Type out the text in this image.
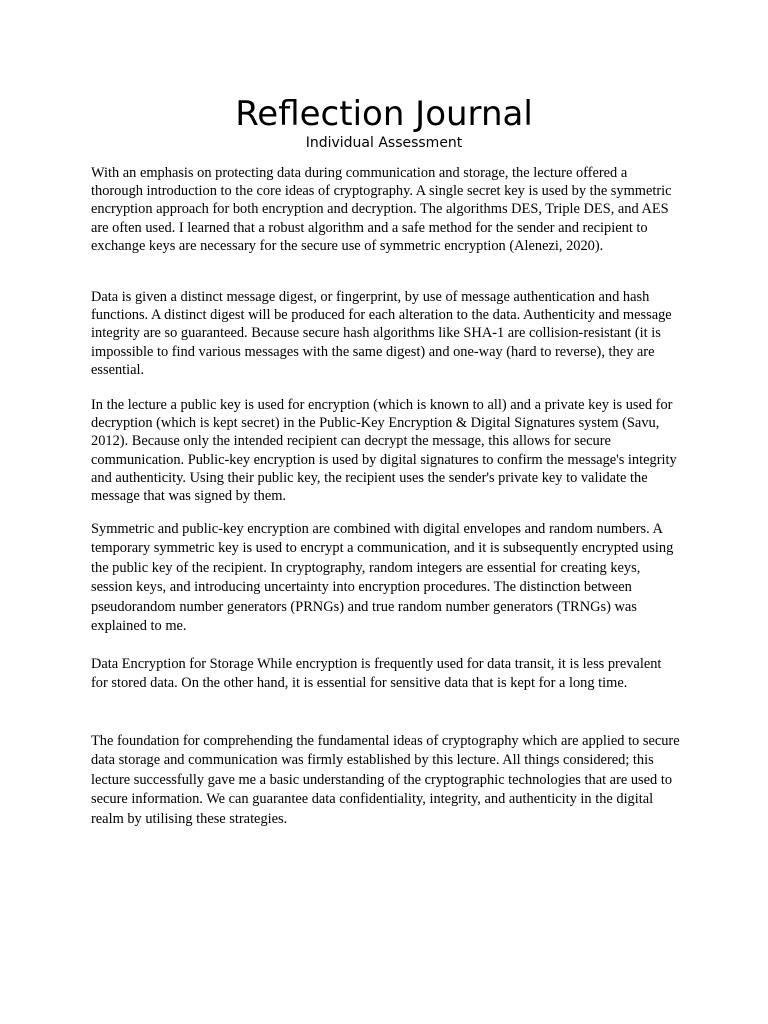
Reflection Journal
Individual Assessment

With an emphasis on protecting data during communication and storage, the lecture offered a thorough introduction to the core ideas of cryptography. A single secret key is used by the symmetric encryption approach for both encryption and decryption. The algorithms DES, Triple DES, and AES are often used. I learned that a robust algorithm and a safe method for the sender and recipient to exchange keys are necessary for the secure use of symmetric encryption (Alenezi, 2020).

Data is given a distinct message digest, or fingerprint, by use of message authentication and hash functions. A distinct digest will be produced for each alteration to the data. Authenticity and message integrity are so guaranteed. Because secure hash algorithms like SHA-1 are collision-resistant (it is impossible to find various messages with the same digest) and one-way (hard to reverse), they are essential.

In the lecture a public key is used for encryption (which is known to all) and a private key is used for decryption (which is kept secret) in the Public-Key Encryption & Digital Signatures system (Savu, 2012). Because only the intended recipient can decrypt the message, this allows for secure communication. Public-key encryption is used by digital signatures to confirm the message's integrity and authenticity. Using their public key, the recipient uses the sender's private key to validate the message that was signed by them.

Symmetric and public-key encryption are combined with digital envelopes and random numbers. A temporary symmetric key is used to encrypt a communication, and it is subsequently encrypted using the public key of the recipient. In cryptography, random integers are essential for creating keys, session keys, and introducing uncertainty into encryption procedures. The distinction between pseudorandom number generators (PRNGs) and true random number generators (TRNGs) was explained to me.

Data Encryption for Storage While encryption is frequently used for data transit, it is less prevalent for stored data. On the other hand, it is essential for sensitive data that is kept for a long time.

The foundation for comprehending the fundamental ideas of cryptography which are applied to secure data storage and communication was firmly established by this lecture. All things considered; this lecture successfully gave me a basic understanding of the cryptographic technologies that are used to secure information. We can guarantee data confidentiality, integrity, and authenticity in the digital realm by utilising these strategies.
